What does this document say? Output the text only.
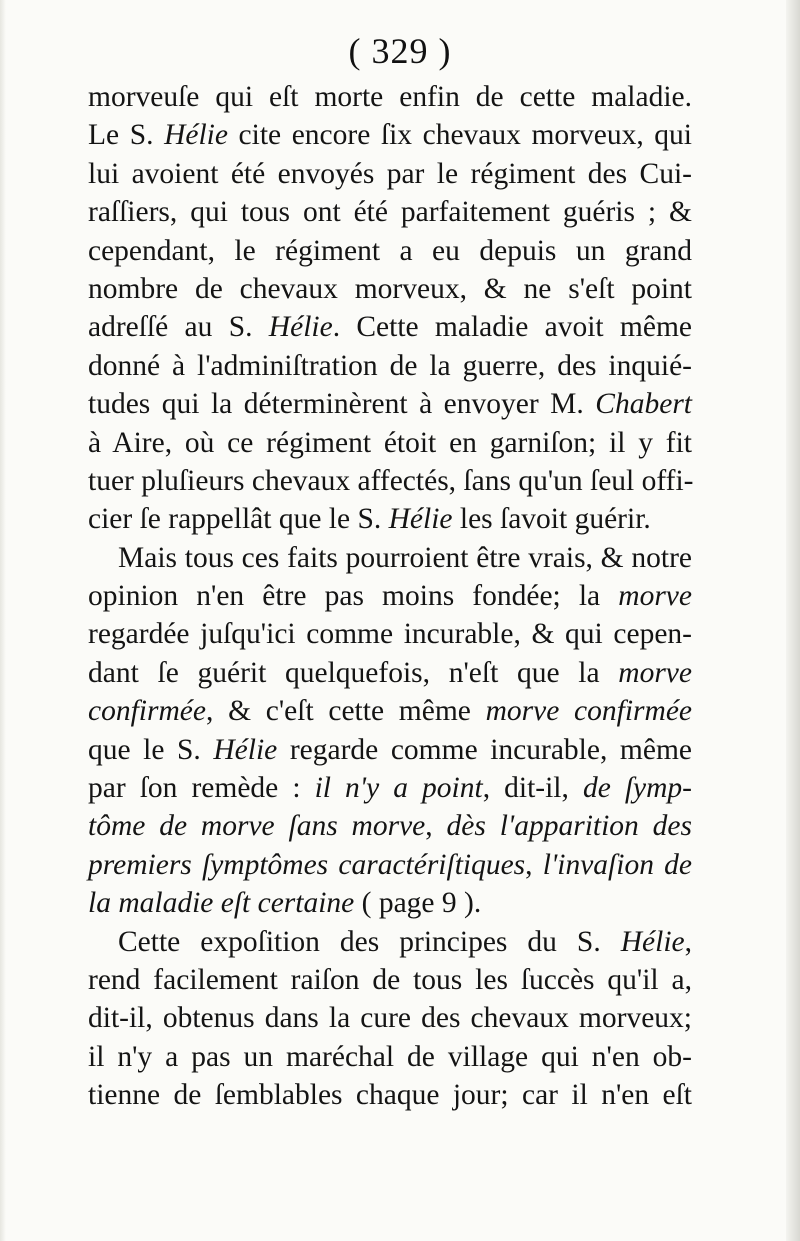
( 329 )
morveuſe qui eſt morte enfin de cette maladie.
Le S. Hélie cite encore ſix chevaux morveux, qui
lui avoient été envoyés par le régiment des Cui-
raſſiers, qui tous ont été parfaitement guéris ; &
cependant, le régiment a eu depuis un grand
nombre de chevaux morveux, & ne s'eſt point
adreſſé au S. Hélie. Cette maladie avoit même
donné à l'adminiſtration de la guerre, des inquié-
tudes qui la déterminèrent à envoyer M. Chabert
à Aire, où ce régiment étoit en garniſon; il y fit
tuer pluſieurs chevaux affectés, ſans qu'un ſeul offi-
cier ſe rappellât que le S. Hélie les ſavoit guérir.
Mais tous ces faits pourroient être vrais, & notre
opinion n'en être pas moins fondée; la morve
regardée juſqu'ici comme incurable, & qui cepen-
dant ſe guérit quelquefois, n'eſt que la morve
confirmée, & c'eſt cette même morve confirmée
que le S. Hélie regarde comme incurable, même
par ſon remède : il n'y a point, dit-il, de ſymp-
tôme de morve ſans morve, dès l'apparition des
premiers ſymptômes caractériſtiques, l'invaſion de
la maladie eſt certaine ( page 9 ).
Cette expoſition des principes du S. Hélie,
rend facilement raiſon de tous les ſuccès qu'il a,
dit-il, obtenus dans la cure des chevaux morveux;
il n'y a pas un maréchal de village qui n'en ob-
tienne de ſemblables chaque jour; car il n'en eſt
